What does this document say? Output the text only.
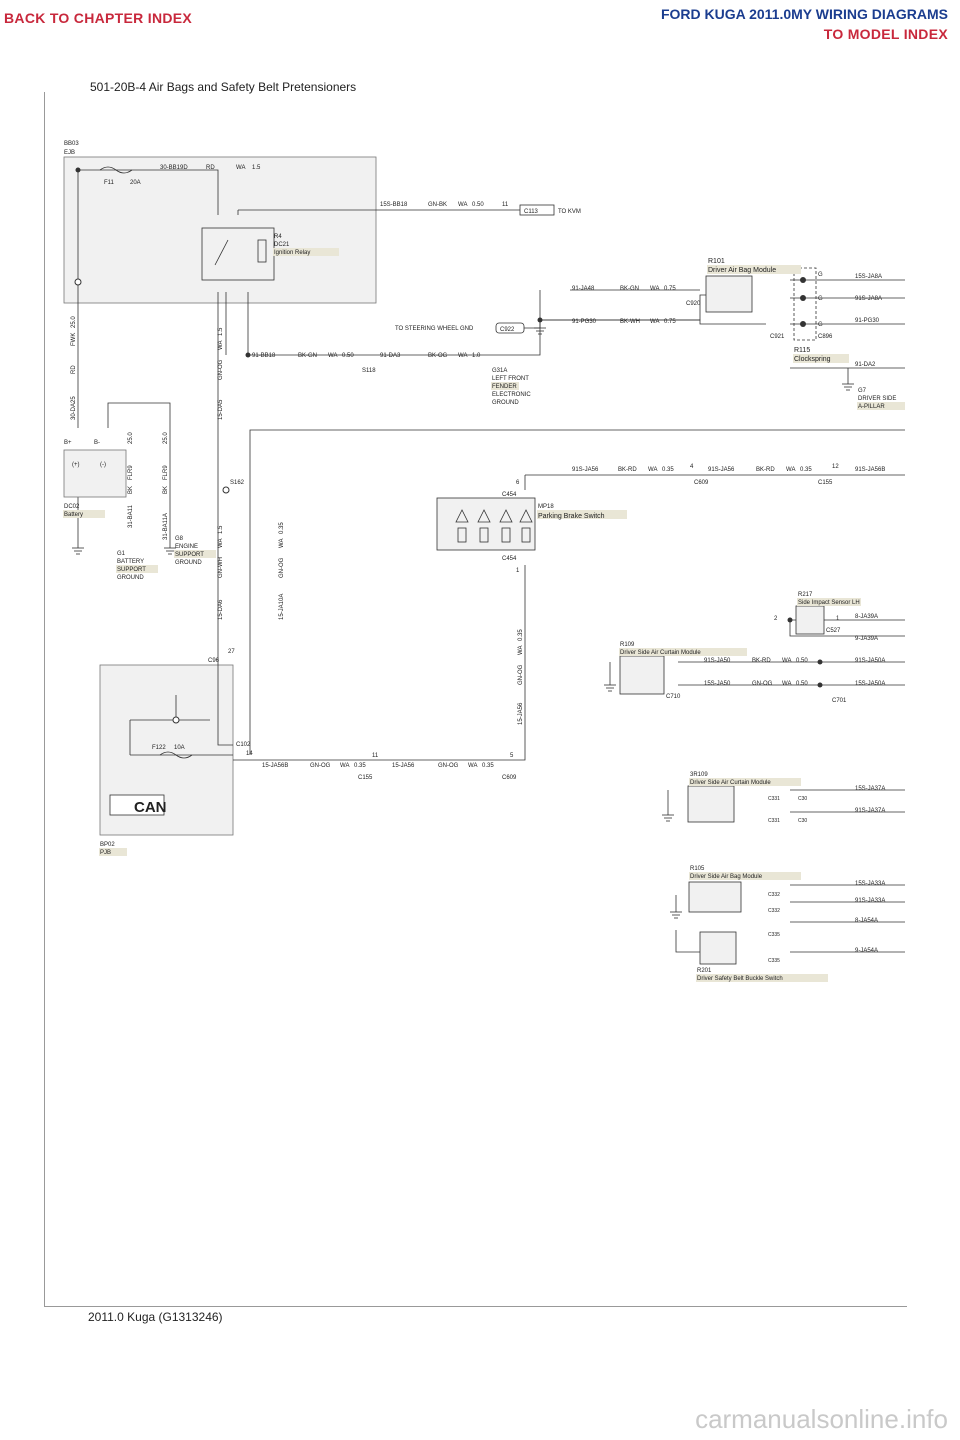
BACK TO CHAPTER INDEX	FORD KUGA 2011.0MY WIRING DIAGRAMS
TO MODEL INDEX
501-20B-4 Air Bags and Safety Belt Pretensioners
2011.0 Kuga (G1313246)
carmanualsonline.info
BB03
EJB
F11	20A
30-BB19D	RD	WA 1.5
15S-BB18	GN-BK WA 0.50	11
C113	TO KVM
R4
DC21
Ignition Relay
R101
Driver Air Bag Module
91-JA48	BK-GN WA 0.75
C920
91-PG30	BK-WH WA 0.75
C921	C896
TO STEERING WHEEL GND	C922
R115
Clockspring
G
G
G
15S-JA8A
91S-JA8A
91-PG30
91-DA2
G7
DRIVER SIDE
A-PILLAR
91-BB18	BK-GN WA 0.50	91-DA3	BK-OG WA 1.0
S118	G31A
LEFT FRONT
FENDER
ELECTRONIC
GROUND
30-DA25
RD
FWK
25.0
15-DA5
GN-OG
WA
1.5
31-BA11
BK
FLR9
25.0
31-BA11A
BK
FLR9
25.0
15-DA6
GN-WH
WA
1.5
15-JA10A
GN-OG
WA
0.35
15-JA56
GN-OG
WA
0.35
B+	B-
(+)	(-)
DC02
Battery
G1
BATTERY
SUPPORT
GROUND
G8
ENGINE
SUPPORT
GROUND
S162
C96
27
F122 10A	C102
14
CAN
BP02
PJB
15-JA56B	GN-OG WA 0.35
C155
11
15-JA56	GN-OG WA 0.35
C609
5
C454
6
C454
1
MP18
Parking Brake Switch
91S-JA56	BK-RD WA 0.35
C609
4 91S-JA56	BK-RD WA 0.35
C155
12	91S-JA56B
R217
Side Impact Sensor LH
2	1
C527
8-JA39A
9-JA39A
R109
Driver Side Air Curtain Module
C710
91S-JA50	BK-RD WA 0.50
15S-JA50	GN-OG WA 0.50
C701
91S-JA50A
15S-JA50A
3R109
Driver Side Air Curtain Module
C331	C30
C331	C30
15S-JA37A
91S-JA37A
R105
Driver Side Air Bag Module
C332
C332
C335
C335
15S-JA33A
91S-JA33A
8-JA54A
9-JA54A
R201
Driver Safety Belt Buckle Switch
